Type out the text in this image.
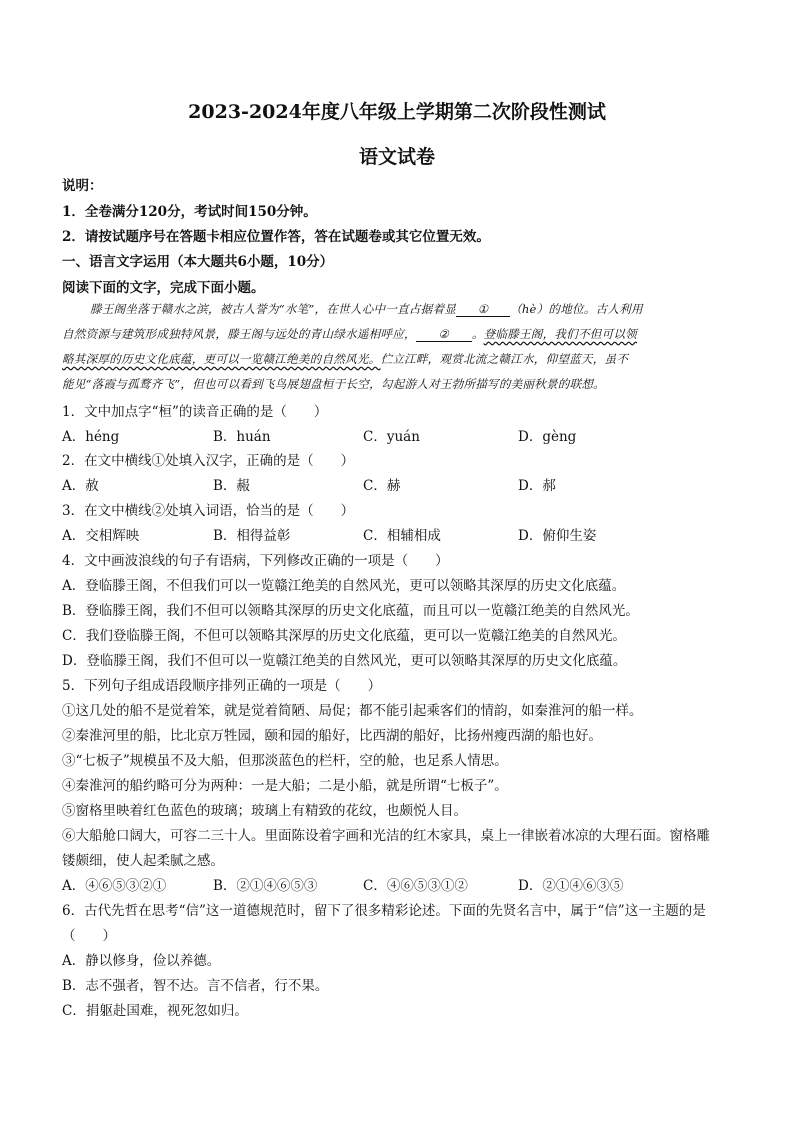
2023-2024年度八年级上学期第二次阶段性测试
语文试卷
说明：
1．全卷满分120分，考试时间150分钟。
2．请按试题序号在答题卡相应位置作答，答在试题卷或其它位置无效。
一、语言文字运用（本大题共6小题，10分）
阅读下面的文字，完成下面小题。
滕王阁坐落于赣水之滨，被古人誉为“水笔”，在世人心中一直占据着显 ① （hè）的地位。古人利用
自然资源与建筑形成独特风景，滕王阁与远处的青山绿水遥相呼应， ② 。登临滕王阁，我们不但可以领
略其深厚的历史文化底蕴，更可以一览赣江绝美的自然风光。伫立江畔，观赏北流之赣江水，仰望蓝天，虽不
能见“落霞与孤鹜齐飞”，但也可以看到飞鸟展翅盘桓于长空，勾起游人对王勃所描写的美丽秋景的联想。
1．文中加点字“桓”的读音正确的是（　　）
A．héng	B．huán	C．yuán	D．gèng
2．在文中横线①处填入汉字，正确的是（　　）
A．赦	B．赧	C．赫	D．郝
3．在文中横线②处填入词语，恰当的是（　　）
A．交相辉映	B．相得益彰	C．相辅相成	D．俯仰生姿
4．文中画波浪线的句子有语病，下列修改正确的一项是（　　）
A．登临滕王阁，不但我们可以一览赣江绝美的自然风光，更可以领略其深厚的历史文化底蕴。
B．登临滕王阁，我们不但可以领略其深厚的历史文化底蕴，而且可以一览赣江绝美的自然风光。
C．我们登临滕王阁，不但可以领略其深厚的历史文化底蕴，更可以一览赣江绝美的自然风光。
D．登临滕王阁，我们不但可以一览赣江绝美的自然风光，更可以领略其深厚的历史文化底蕴。
5．下列句子组成语段顺序排列正确的一项是（　　）
①这几处的船不是觉着笨，就是觉着简陋、局促；都不能引起乘客们的情韵，如秦淮河的船一样。
②秦淮河里的船，比北京万牲园，颐和园的船好，比西湖的船好，比扬州瘦西湖的船也好。
③“七板子”规模虽不及大船，但那淡蓝色的栏杆，空的舱，也足系人情思。
④秦淮河的船约略可分为两种：一是大船；二是小船，就是所谓“七板子”。
⑤窗格里映着红色蓝色的玻璃；玻璃上有精致的花纹，也颇悦人目。
⑥大船舱口阔大，可容二三十人。里面陈设着字画和光洁的红木家具，桌上一律嵌着冰凉的大理石面。窗格雕
镂颇细，使人起柔腻之感。
A．④⑥⑤③②①	B．②①④⑥⑤③	C．④⑥⑤③①②	D．②①④⑥③⑤
6．古代先哲在思考“信”这一道德规范时，留下了很多精彩论述。下面的先贤名言中，属于“信”这一主题的是
（　　）
A．静以修身，俭以养德。
B．志不强者，智不达。言不信者，行不果。
C．捐躯赴国难，视死忽如归。
